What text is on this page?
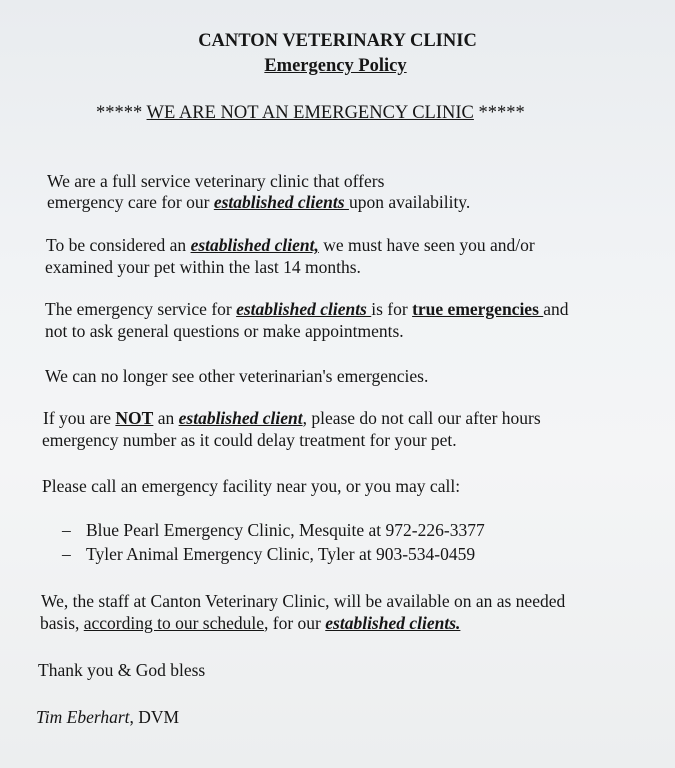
CANTON VETERINARY CLINIC
Emergency Policy
***** WE ARE NOT AN EMERGENCY CLINIC *****
We are a full service veterinary clinic that offers
emergency care for our established clients upon availability.
To be considered an established client, we must have seen you and/or
examined your pet within the last 14 months.
The emergency service for established clients is for true emergencies and
not to ask general questions or make appointments.
We can no longer see other veterinarian's emergencies.
If you are NOT an established client, please do not call our after hours
emergency number as it could delay treatment for your pet.
Please call an emergency facility near you, or you may call:
– Blue Pearl Emergency Clinic, Mesquite at 972-226-3377
– Tyler Animal Emergency Clinic, Tyler at 903-534-0459
We, the staff at Canton Veterinary Clinic, will be available on an as needed
basis, according to our schedule, for our established clients.
Thank you & God bless
Tim Eberhart, DVM
